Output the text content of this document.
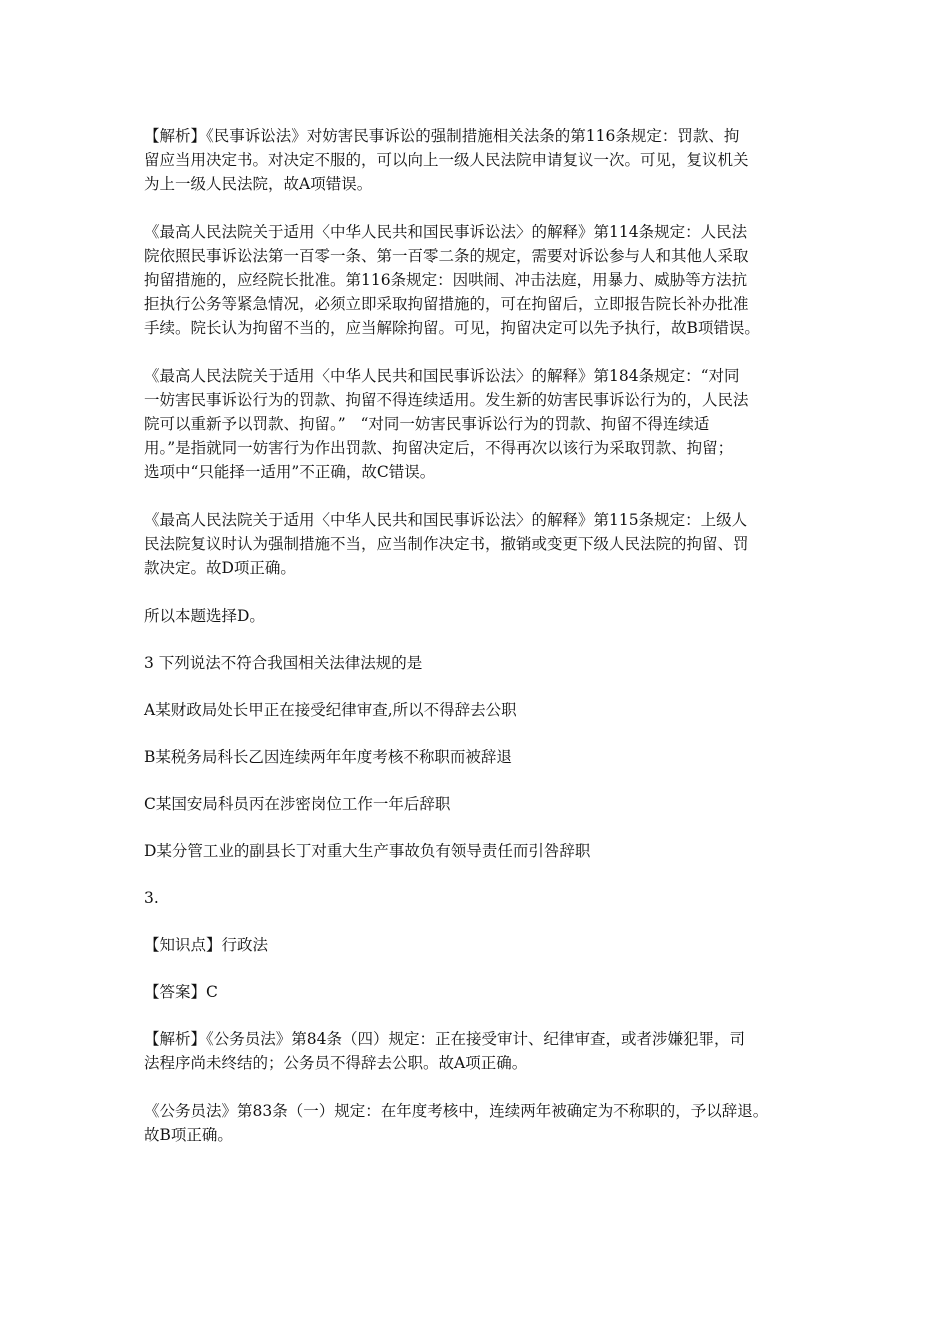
【解析】《民事诉讼法》对妨害民事诉讼的强制措施相关法条的第116条规定：罚款、拘

留应当用决定书。对决定不服的，可以向上一级人民法院申请复议一次。可见，复议机关

为上一级人民法院，故A项错误。

《最高人民法院关于适用〈中华人民共和国民事诉讼法〉的解释》第114条规定：人民法

院依照民事诉讼法第一百零一条、第一百零二条的规定，需要对诉讼参与人和其他人采取

拘留措施的，应经院长批准。第116条规定：因哄闹、冲击法庭，用暴力、威胁等方法抗

拒执行公务等紧急情况，必须立即采取拘留措施的，可在拘留后，立即报告院长补办批准

手续。院长认为拘留不当的，应当解除拘留。可见，拘留决定可以先予执行，故B项错误。

《最高人民法院关于适用〈中华人民共和国民事诉讼法〉的解释》第184条规定：“对同

一妨害民事诉讼行为的罚款、拘留不得连续适用。发生新的妨害民事诉讼行为的，人民法

院可以重新予以罚款、拘留。”   “对同一妨害民事诉讼行为的罚款、拘留不得连续适

用。”是指就同一妨害行为作出罚款、拘留决定后，不得再次以该行为采取罚款、拘留；

选项中“只能择一适用”不正确，故C错误。

《最高人民法院关于适用〈中华人民共和国民事诉讼法〉的解释》第115条规定：上级人

民法院复议时认为强制措施不当，应当制作决定书，撤销或变更下级人民法院的拘留、罚

款决定。故D项正确。

所以本题选择D。

3 下列说法不符合我国相关法律法规的是

A某财政局处长甲正在接受纪律审查,所以不得辞去公职

B某税务局科长乙因连续两年年度考核不称职而被辞退

C某国安局科员丙在涉密岗位工作一年后辞职

D某分管工业的副县长丁对重大生产事故负有领导责任而引咎辞职

3.

【知识点】行政法

【答案】C

【解析】《公务员法》第84条（四）规定：正在接受审计、纪律审查，或者涉嫌犯罪，司

法程序尚未终结的；公务员不得辞去公职。故A项正确。

《公务员法》第83条（一）规定：在年度考核中，连续两年被确定为不称职的，予以辞退。

故B项正确。
